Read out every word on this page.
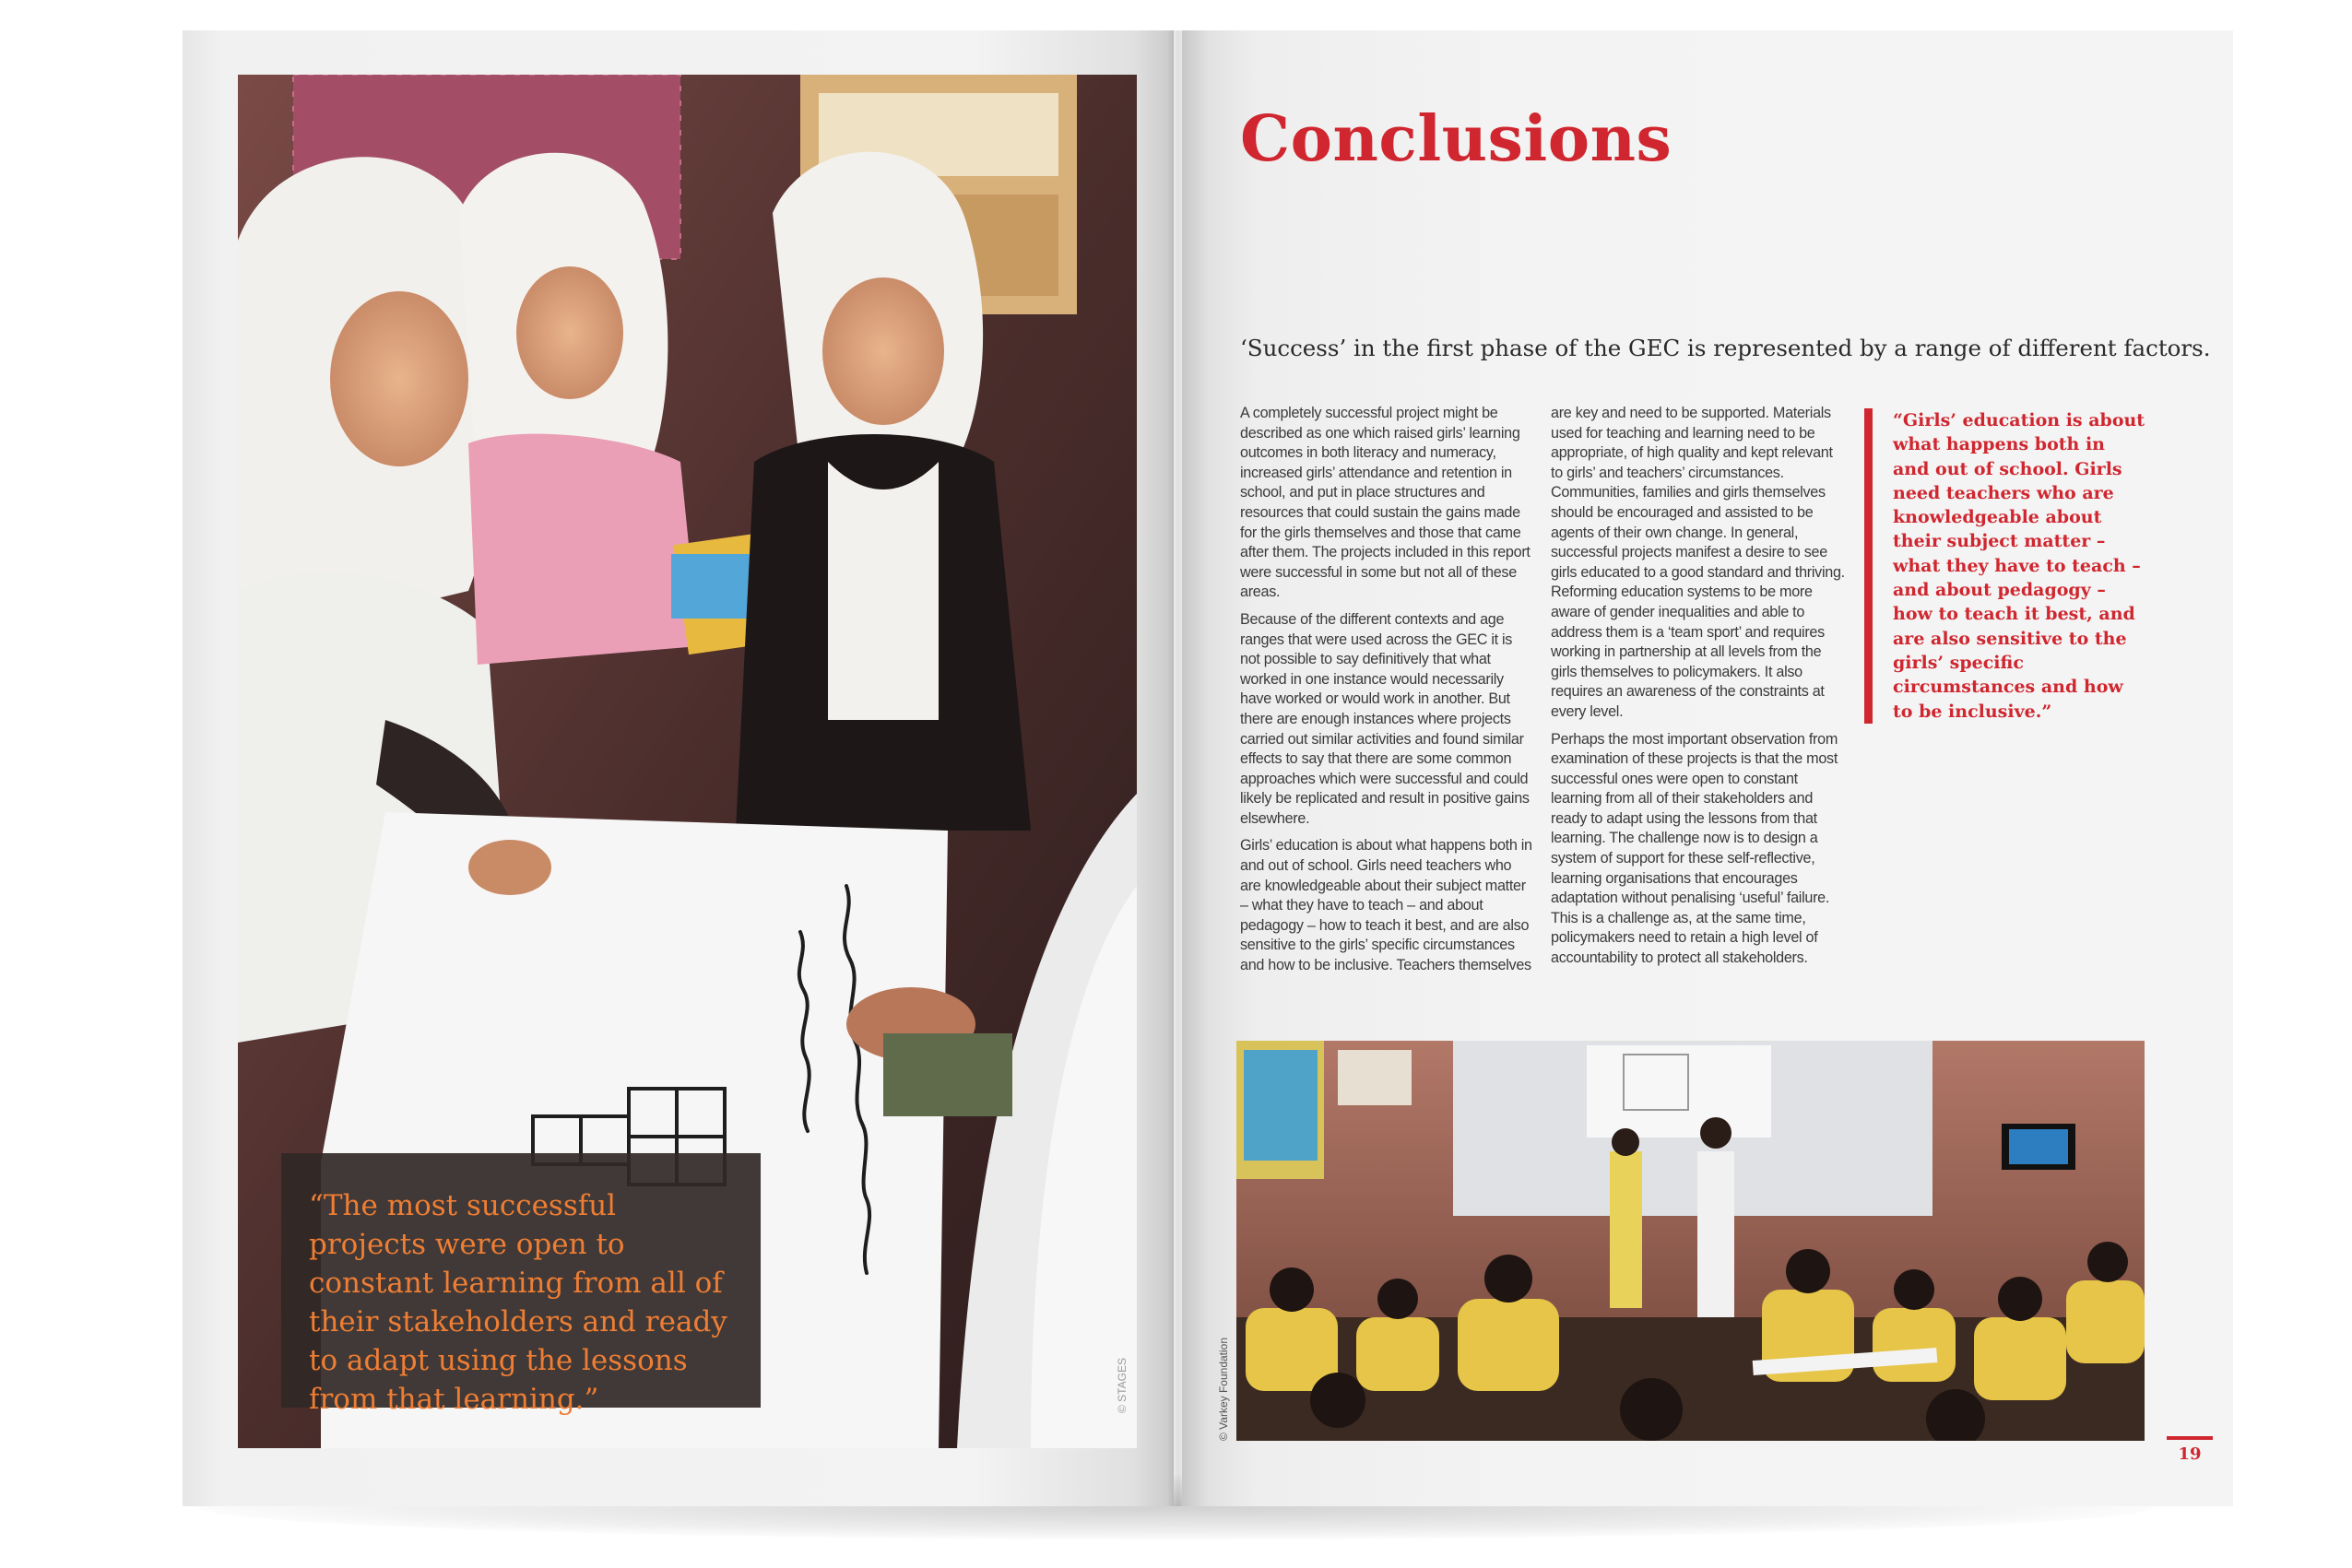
“The most successful projects were open to constant learning from all of their stakeholders and ready to adapt using the lessons from that learning.”	© STAGES
Conclusions

‘Success’ in the first phase of the GEC is represented by a range of different factors.

A completely successful project might be described as one which raised girls’ learning outcomes in both literacy and numeracy, increased girls’ attendance and retention in school, and put in place structures and resources that could sustain the gains made for the girls themselves and those that came after them. The projects included in this report were successful in some but not all of these areas.

Because of the different contexts and age ranges that were used across the GEC it is not possible to say definitively that what worked in one instance would necessarily have worked or would work in another. But there are enough instances where projects carried out similar activities and found similar effects to say that there are some common approaches which were successful and could likely be replicated and result in positive gains elsewhere.

Girls’ education is about what happens both in and out of school. Girls need teachers who are knowledgeable about their subject matter – what they have to teach – and about pedagogy – how to teach it best, and are also sensitive to the girls’ specific circumstances and how to be inclusive. Teachers themselves

are key and need to be supported. Materials used for teaching and learning need to be appropriate, of high quality and kept relevant to girls’ and teachers’ circumstances. Communities, families and girls themselves should be encouraged and assisted to be agents of their own change. In general, successful projects manifest a desire to see girls educated to a good standard and thriving. Reforming education systems to be more aware of gender inequalities and able to address them is a ‘team sport’ and requires working in partnership at all levels from the girls themselves to policymakers. It also requires an awareness of the constraints at every level.

Perhaps the most important observation from examination of these projects is that the most successful ones were open to constant learning from all of their stakeholders and ready to adapt using the lessons from that learning. The challenge now is to design a system of support for these self-reflective, learning organisations that encourages adaptation without penalising ‘useful’ failure. This is a challenge as, at the same time, policymakers need to retain a high level of accountability to protect all stakeholders.

“Girls’ education is about what happens both in and out of school. Girls need teachers who are knowledgeable about their subject matter – what they have to teach – and about pedagogy – how to teach it best, and are also sensitive to the girls’ specific circumstances and how to be inclusive.”

© Varkey Foundation
19
